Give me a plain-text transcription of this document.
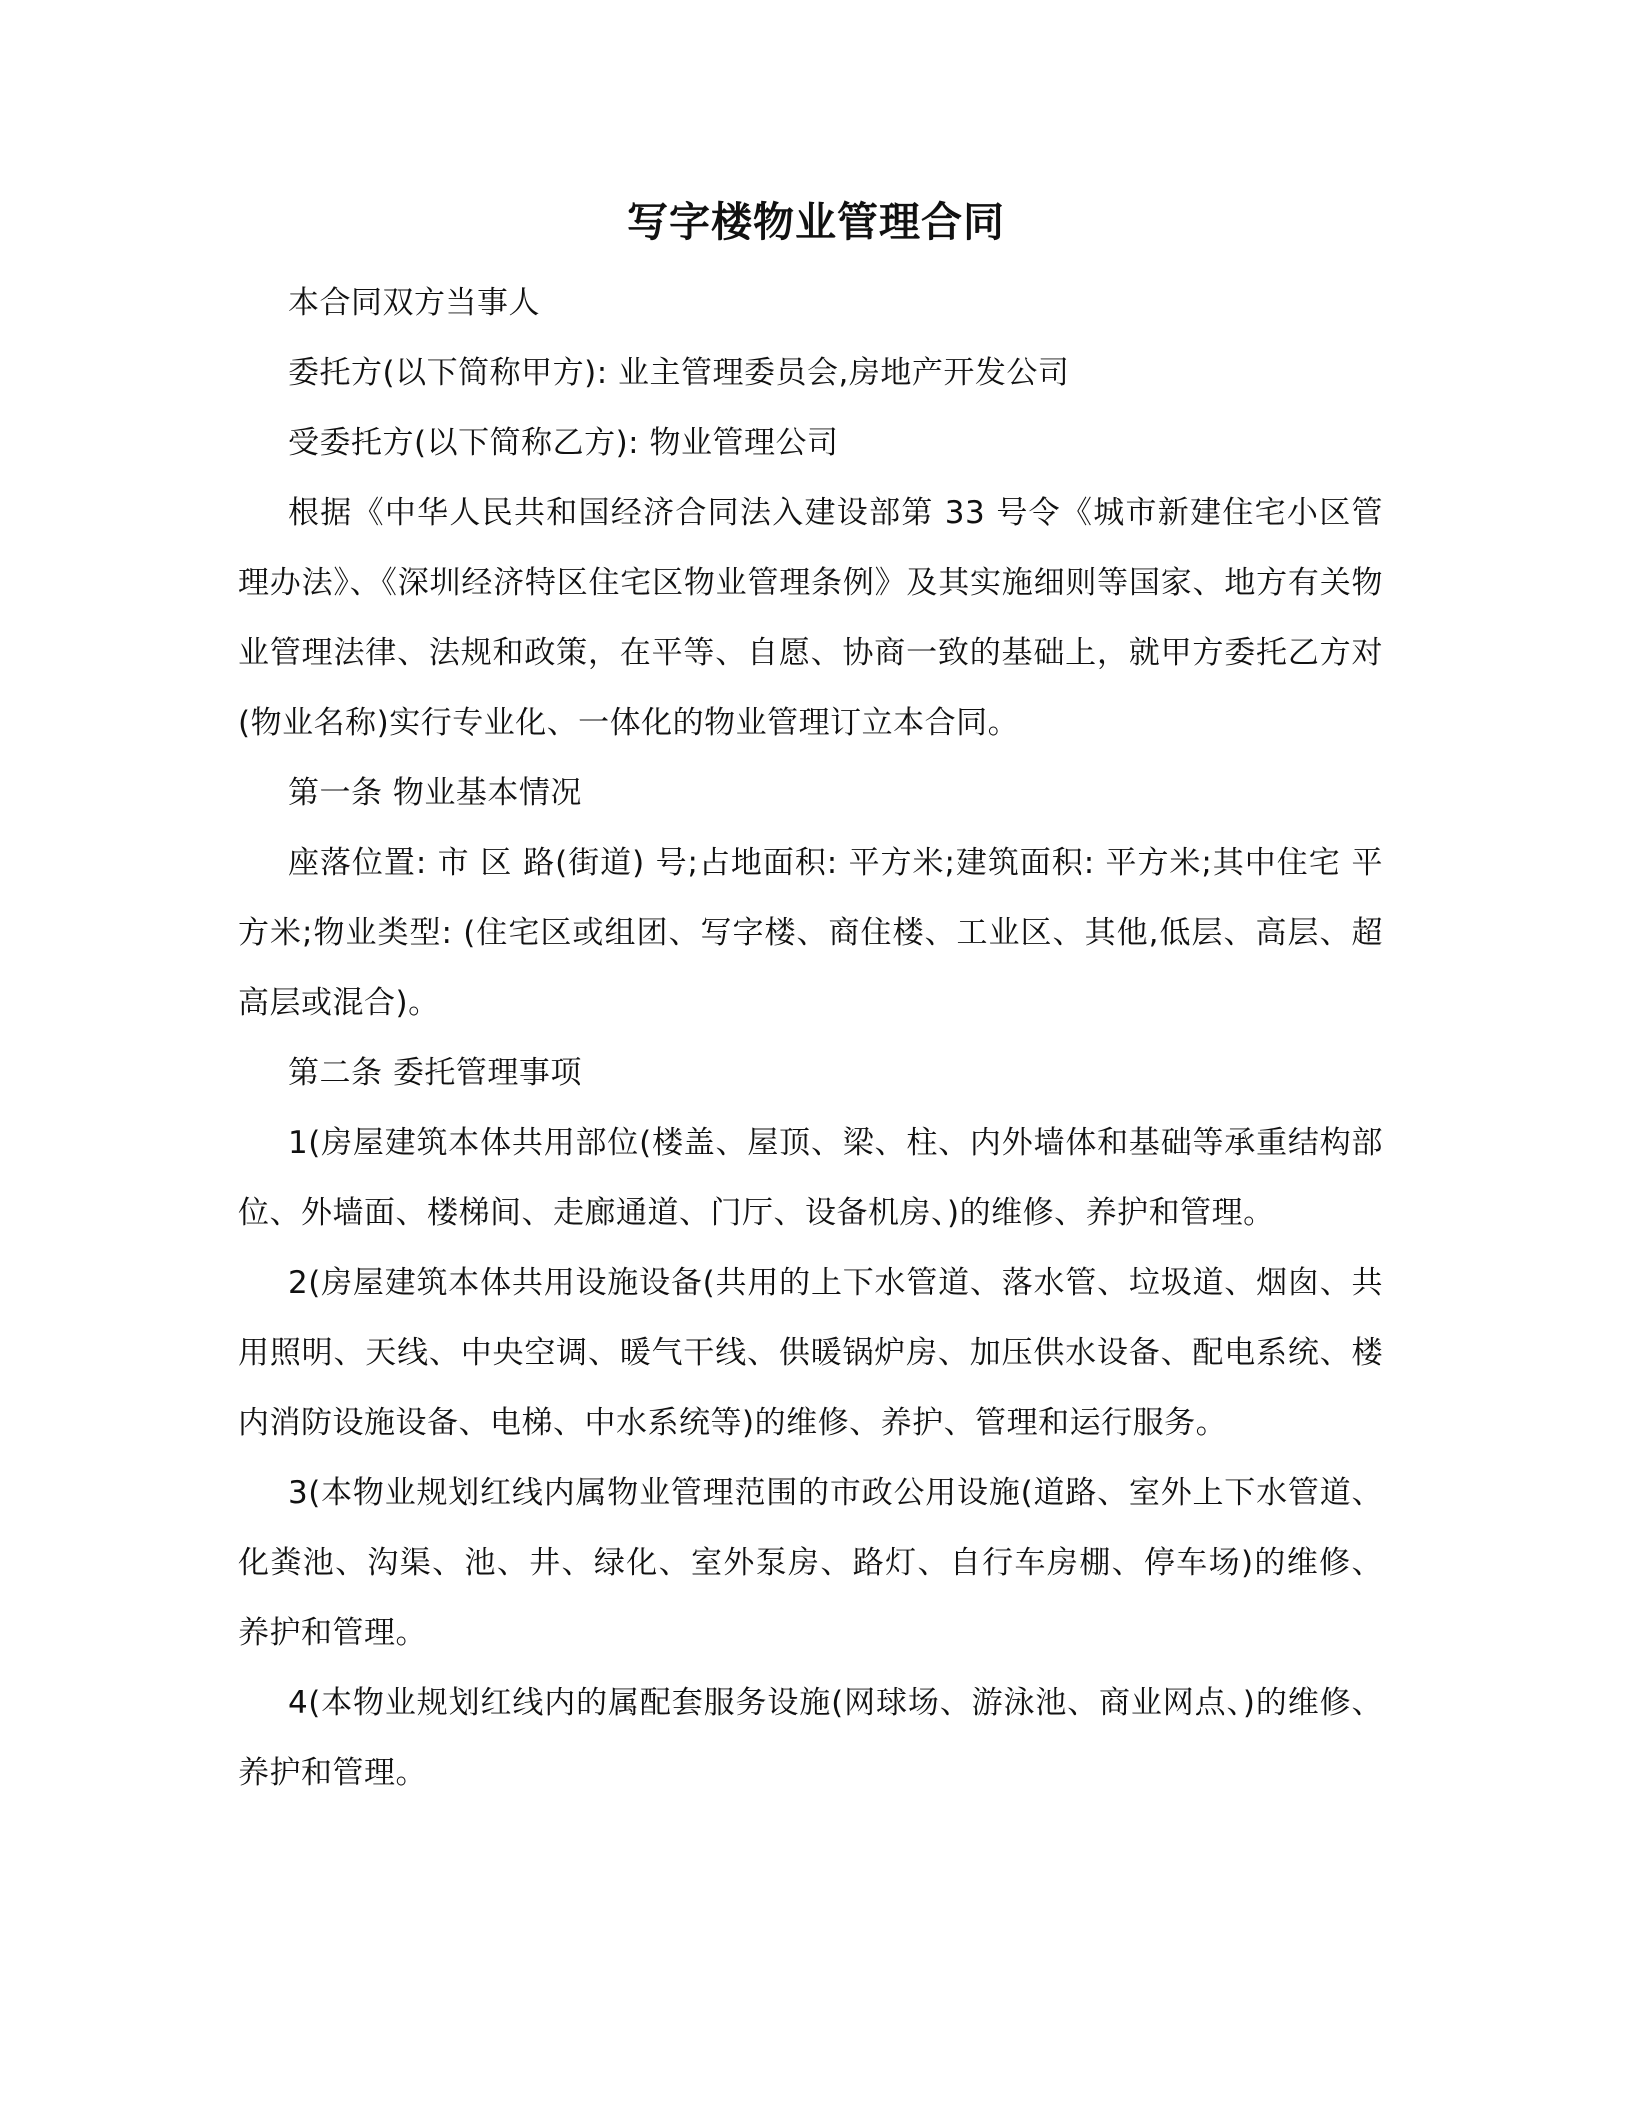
写字楼物业管理合同

本合同双方当事人

委托方(以下简称甲方): 业主管理委员会,房地产开发公司

受委托方(以下简称乙方): 物业管理公司

根据《中华人民共和国经济合同法入建设部第 33 号令《城市新建住宅小区管理办法》、《深圳经济特区住宅区物业管理条例》及其实施细则等国家、地方有关物业管理法律、法规和政策，在平等、自愿、协商一致的基础上，就甲方委托乙方对(物业名称)实行专业化、一体化的物业管理订立本合同。

第一条 物业基本情况

座落位置: 市 区 路(街道) 号;占地面积: 平方米;建筑面积: 平方米;其中住宅 平方米;物业类型: (住宅区或组团、写字楼、商住楼、工业区、其他,低层、高层、超高层或混合)。

第二条 委托管理事项

1(房屋建筑本体共用部位(楼盖、屋顶、梁、柱、内外墙体和基础等承重结构部位、外墙面、楼梯间、走廊通道、门厅、设备机房、)的维修、养护和管理。

2(房屋建筑本体共用设施设备(共用的上下水管道、落水管、垃圾道、烟囱、共用照明、天线、中央空调、暖气干线、供暖锅炉房、加压供水设备、配电系统、楼内消防设施设备、电梯、中水系统等)的维修、养护、管理和运行服务。

3(本物业规划红线内属物业管理范围的市政公用设施(道路、室外上下水管道、化粪池、沟渠、池、井、绿化、室外泵房、路灯、自行车房棚、停车场)的维修、养护和管理。

4(本物业规划红线内的属配套服务设施(网球场、游泳池、商业网点、)的维修、养护和管理。
